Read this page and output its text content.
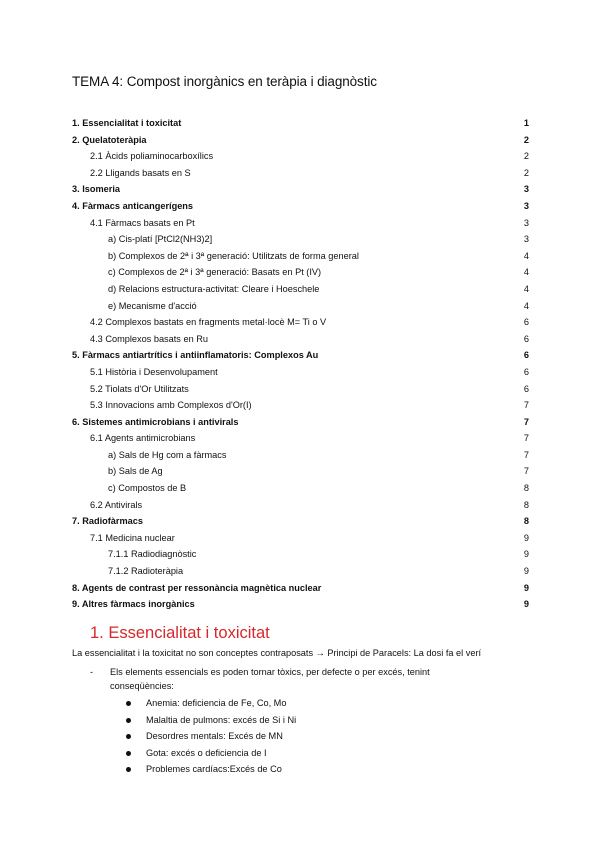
TEMA 4: Compost inorgànics en teràpia i diagnòstic
1. Essencialitat i toxicitat	1
2. Quelatoteràpia	2
2.1 Àcids poliaminocarboxílics	2
2.2 Lligands basats en S	2
3. Isomeria	3
4. Fàrmacs anticangerígens	3
4.1 Fàrmacs basats en Pt	3
a) Cis-platí [PtCl2(NH3)2]	3
b) Complexos de 2ª i 3ª generació: Utilitzats de forma general	4
c) Complexos de 2ª i 3ª generació: Basats en Pt (IV)	4
d) Relacions estructura-activitat: Cleare i Hoeschele	4
e) Mecanisme d'acció	4
4.2 Complexos bastats en fragments metal·locè M= Ti o V	6
4.3 Complexos basats en Ru	6
5. Fàrmacs antiartrítics i antiinflamatoris: Complexos Au	6
5.1 Història i Desenvolupament	6
5.2 Tiolats d'Or Utilitzats	6
5.3 Innovacions amb Complexos d'Or(I)	7
6. Sistemes antimicrobians i antivirals	7
6.1 Agents antimicrobians	7
a) Sals de Hg com a fàrmacs	7
b) Sals de Ag	7
c) Compostos de B	8
6.2 Antivirals	8
7. Radiofàrmacs	8
7.1 Medicina nuclear	9
7.1.1 Radiodiagnòstic	9
7.1.2 Radioteràpia	9
8. Agents de contrast per ressonància magnètica nuclear	9
9. Altres fàrmacs inorgànics	9
1. Essencialitat i toxicitat
La essencialitat i la toxicitat no son conceptes contraposats → Principi de Paracels: La dosi fa el verí
- Els elements essencials es poden tornar tòxics, per defecte o per excés, tenint conseqüències:
Anemia: deficiencia de Fe, Co, Mo
Malaltia de pulmons: excés de Si i Ni
Desordres mentals: Excés de MN
Gota: excés o deficiencia de I
Problemes cardíacs:Excés de Co
